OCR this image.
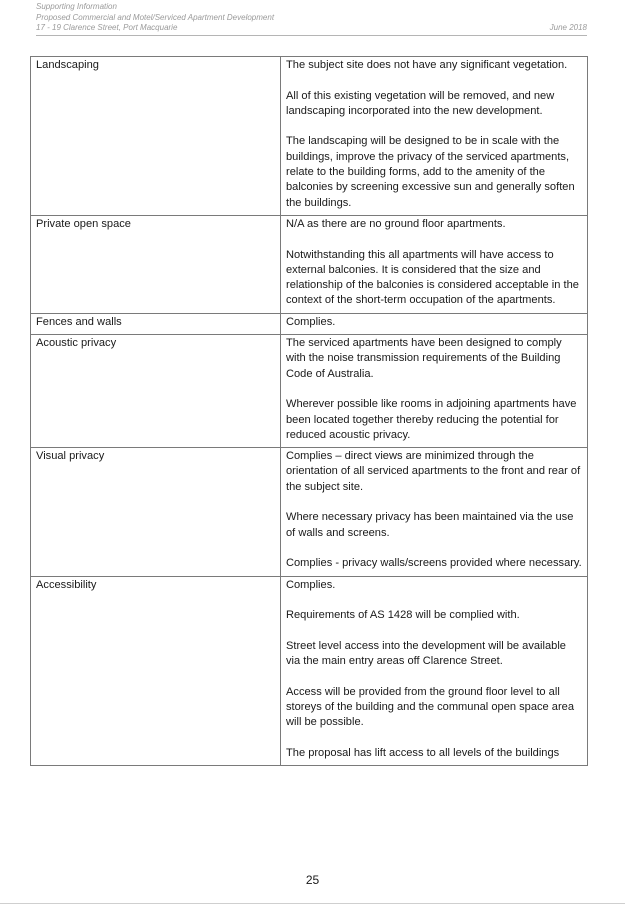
Supporting Information
Proposed Commercial and Motel/Serviced Apartment Development
17 - 19 Clarence Street, Port Macquarie	June 2018
Landscaping	The subject site does not have any significant vegetation.

All of this existing vegetation will be removed, and new landscaping incorporated into the new development.

The landscaping will be designed to be in scale with the buildings, improve the privacy of the serviced apartments, relate to the building forms, add to the amenity of the balconies by screening excessive sun and generally soften the buildings.

Private open space	N/A as there are no ground floor apartments.

Notwithstanding this all apartments will have access to external balconies. It is considered that the size and relationship of the balconies is considered acceptable in the context of the short-term occupation of the apartments.

Fences and walls	Complies.

Acoustic privacy	The serviced apartments have been designed to comply with the noise transmission requirements of the Building Code of Australia.

Wherever possible like rooms in adjoining apartments have been located together thereby reducing the potential for reduced acoustic privacy.

Visual privacy	Complies – direct views are minimized through the orientation of all serviced apartments to the front and rear of the subject site.

Where necessary privacy has been maintained via the use of walls and screens.

Complies - privacy walls/screens provided where necessary.

Accessibility	Complies.

Requirements of AS 1428 will be complied with.

Street level access into the development will be available via the main entry areas off Clarence Street.

Access will be provided from the ground floor level to all storeys of the building and the communal open space area will be possible.

The proposal has lift access to all levels of the buildings

25
